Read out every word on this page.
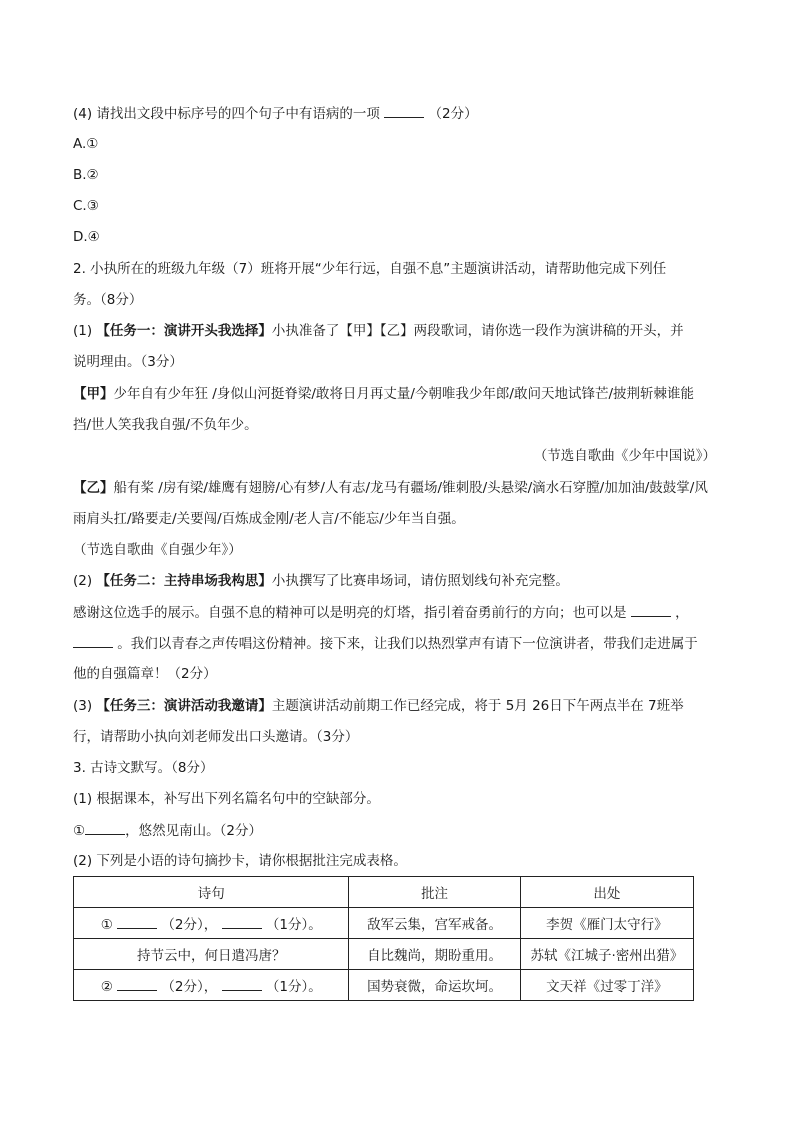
(4) 请找出文段中标序号的四个句子中有语病的一项	（2分）
A.①
B.②
C.③
D.④
2. 小执所在的班级九年级（7）班将开展“少年行远，自强不息”主题演讲活动，请帮助他完成下列任
务。（8分）
(1) 【任务一：演讲开头我选择】小执准备了【甲】【乙】两段歌词，请你选一段作为演讲稿的开头，并
说明理由。（3分）
【甲】少年自有少年狂 /身似山河挺脊梁/敢将日月再丈量/今朝唯我少年郎/敢问天地试锋芒/披荆斩棘谁能
挡/世人笑我我自强/不负年少。
（节选自歌曲《少年中国说》）
【乙】船有桨 /房有梁/雄鹰有翅膀/心有梦/人有志/龙马有疆场/锥刺股/头悬梁/滴水石穿膛/加加油/鼓鼓掌/风
雨肩头扛/路要走/关要闯/百炼成金刚/老人言/不能忘/少年当自强。
（节选自歌曲《自强少年》）
(2) 【任务二：主持串场我构思】小执撰写了比赛串场词，请仿照划线句补充完整。
感谢这位选手的展示。自强不息的精神可以是明亮的灯塔，指引着奋勇前行的方向；也可以是	，
。我们以青春之声传唱这份精神。接下来，让我们以热烈掌声有请下一位演讲者，带我们走进属于
他的自强篇章！（2分）
(3) 【任务三：演讲活动我邀请】主题演讲活动前期工作已经完成，将于 5月 26日下午两点半在 7班举
行，请帮助小执向刘老师发出口头邀请。（3分）
3. 古诗文默写。（8分）
(1) 根据课本，补写出下列名篇名句中的空缺部分。
①	，悠然见南山。（2分）
(2) 下列是小语的诗句摘抄卡，请你根据批注完成表格。
诗句	批注	出处
① （2分）， （1分）。	敌军云集，宫军戒备。	李贺《雁门太守行》
持节云中，何日遣冯唐？	自比魏尚，期盼重用。	苏轼《江城子·密州出猎》
② （2分）， （1分）。	国势衰微，命运坎坷。	文天祥《过零丁洋》
